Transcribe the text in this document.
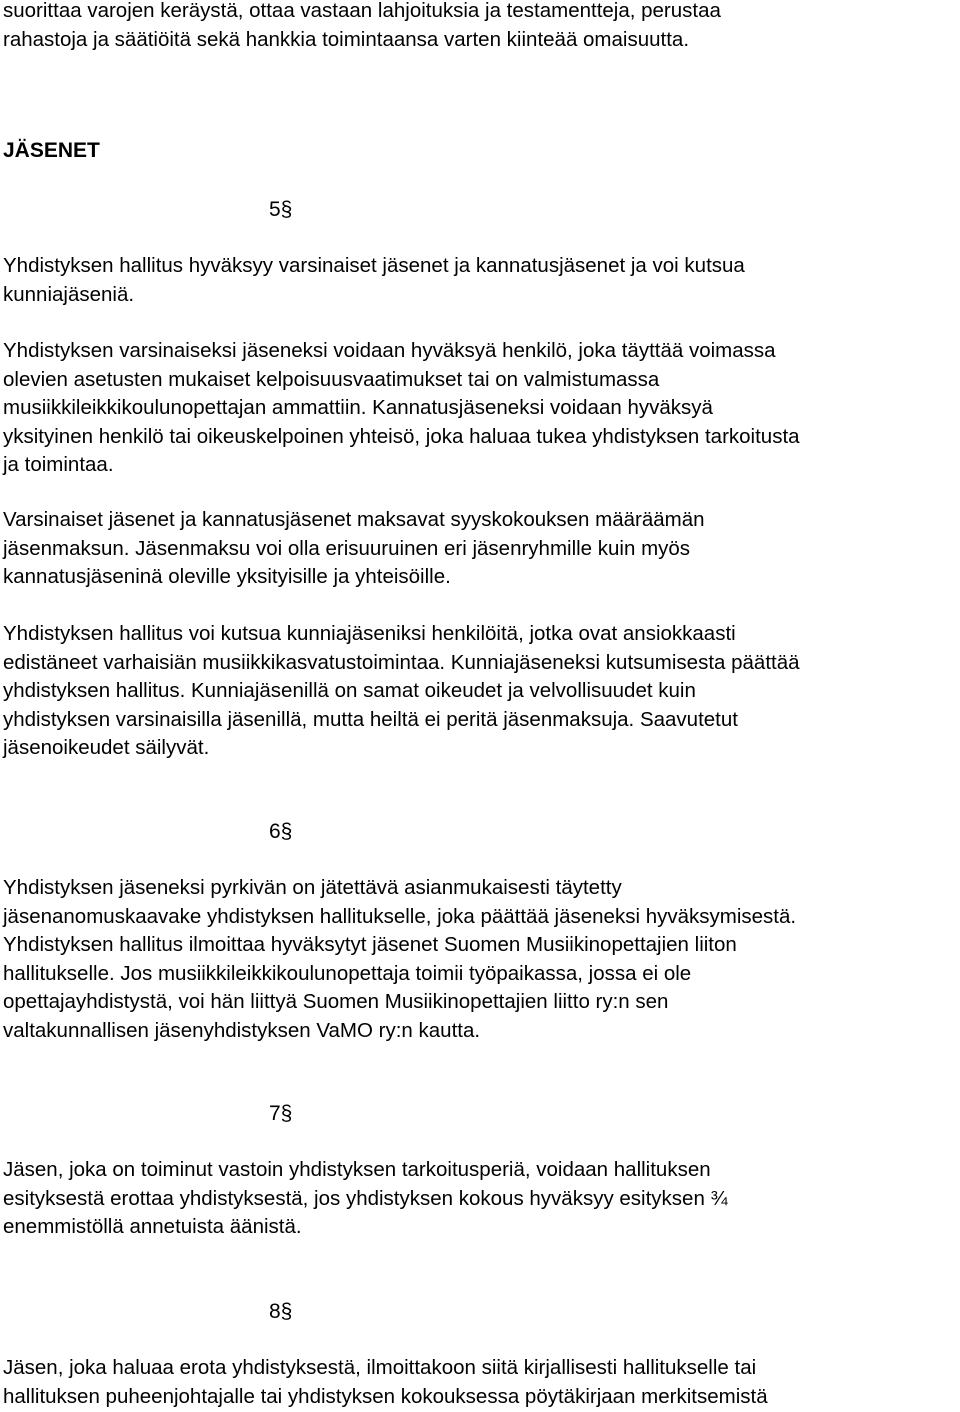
suorittaa varojen keräystä, ottaa vastaan lahjoituksia ja testamentteja, perustaa
rahastoja ja säätiöitä sekä hankkia toimintaansa varten kiinteää omaisuutta.

JÄSENET

5§

Yhdistyksen hallitus hyväksyy varsinaiset jäsenet ja kannatusjäsenet ja voi kutsua
kunniajäseniä.

Yhdistyksen varsinaiseksi jäseneksi voidaan hyväksyä henkilö, joka täyttää voimassa
olevien asetusten mukaiset kelpoisuusvaatimukset tai on valmistumassa
musiikkileikkikoulunopettajan ammattiin. Kannatusjäseneksi voidaan hyväksyä
yksityinen henkilö tai oikeuskelpoinen yhteisö, joka haluaa tukea yhdistyksen tarkoitusta
ja toimintaa.

Varsinaiset jäsenet ja kannatusjäsenet maksavat syyskokouksen määräämän
jäsenmaksun. Jäsenmaksu voi olla erisuuruinen eri jäsenryhmille kuin myös
kannatusjäseninä oleville yksityisille ja yhteisöille.

Yhdistyksen hallitus voi kutsua kunniajäseniksi henkilöitä, jotka ovat ansiokkaasti
edistäneet varhaisiän musiikkikasvatustoimintaa. Kunniajäseneksi kutsumisesta päättää
yhdistyksen hallitus. Kunniajäsenillä on samat oikeudet ja velvollisuudet kuin
yhdistyksen varsinaisilla jäsenillä, mutta heiltä ei peritä jäsenmaksuja. Saavutetut
jäsenoikeudet säilyvät.

6§

Yhdistyksen jäseneksi pyrkivän on jätettävä asianmukaisesti täytetty
jäsenanomuskaavake yhdistyksen hallitukselle, joka päättää jäseneksi hyväksymisestä.
Yhdistyksen hallitus ilmoittaa hyväksytyt jäsenet Suomen Musiikinopettajien liiton
hallitukselle. Jos musiikkileikkikoulunopettaja toimii työpaikassa, jossa ei ole
opettajayhdistystä, voi hän liittyä Suomen Musiikinopettajien liitto ry:n sen
valtakunnallisen jäsenyhdistyksen VaMO ry:n kautta.

7§

Jäsen, joka on toiminut vastoin yhdistyksen tarkoitusperiä, voidaan hallituksen
esityksestä erottaa yhdistyksestä, jos yhdistyksen kokous hyväksyy esityksen ¾
enemmistöllä annetuista äänistä.

8§

Jäsen, joka haluaa erota yhdistyksestä, ilmoittakoon siitä kirjallisesti hallitukselle tai
hallituksen puheenjohtajalle tai yhdistyksen kokouksessa pöytäkirjaan merkitsemistä
